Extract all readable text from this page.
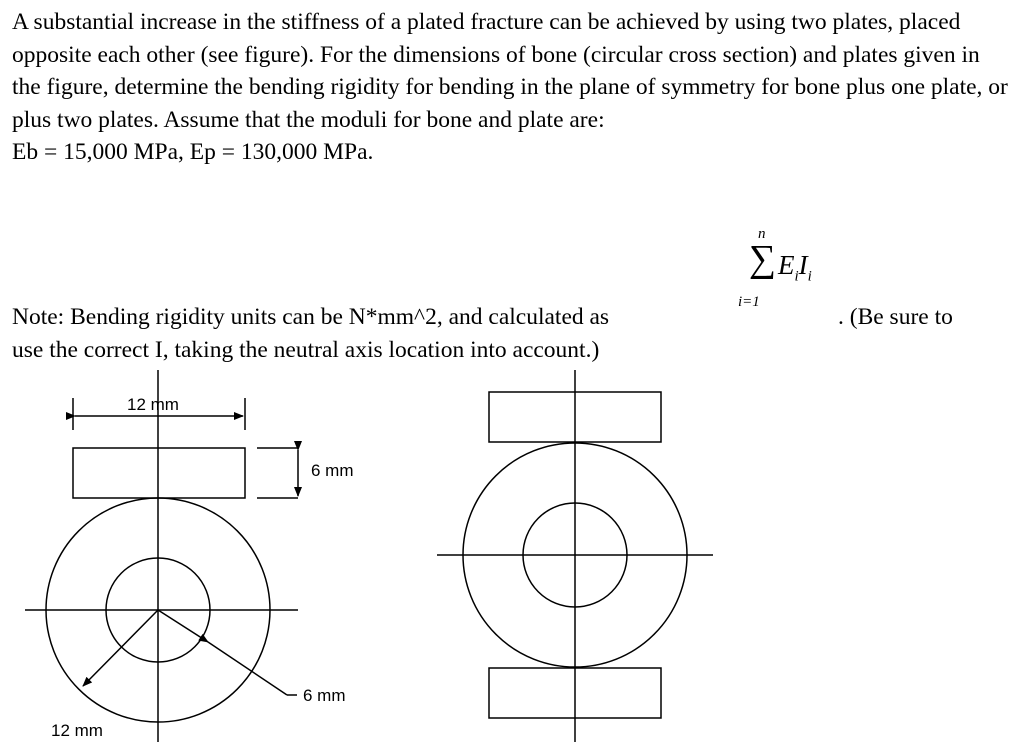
A substantial increase in the stiffness of a plated fracture can be achieved by using two plates, placed opposite each other (see figure). For the dimensions of bone (circular cross section) and plates given in the figure, determine the bending rigidity for bending in the plane of symmetry for bone plus one plate, or plus two plates. Assume that the moduli for bone and plate are:

Eb = 15,000 MPa, Ep = 130,000 MPa.

n
∑ $E_iI_i$
i=1

Note: Bending rigidity units can be N*mm^2, and calculated as

use the correct I, taking the neutral axis location into account.)

. (Be sure to
12 mm
6 mm
6 mm
12 mm
